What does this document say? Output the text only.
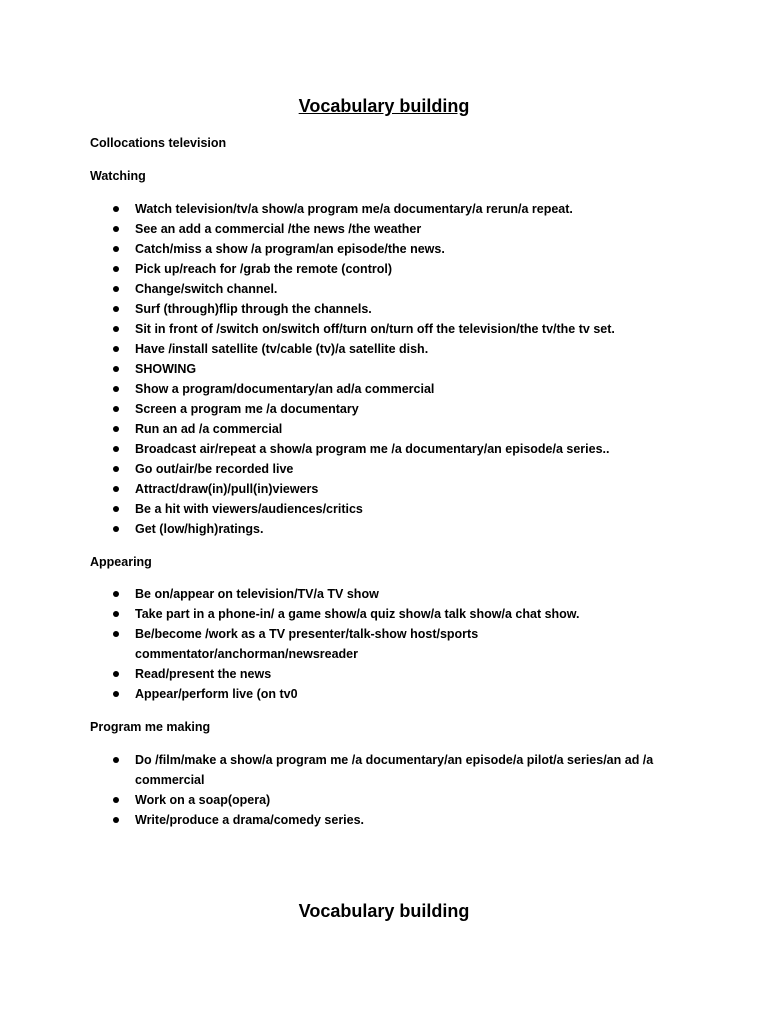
Vocabulary building

Collocations television

Watching

Watch television/tv/a show/a program me/a documentary/a rerun/a repeat.
See an add a commercial /the news /the weather
Catch/miss a show /a program/an episode/the news.
Pick up/reach for /grab the remote (control)
Change/switch channel.
Surf (through)flip through the channels.
Sit in front of /switch on/switch off/turn on/turn off the television/the tv/the tv set.
Have /install satellite (tv/cable (tv)/a satellite dish.
SHOWING
Show a program/documentary/an ad/a commercial
Screen a program me /a documentary
Run an ad /a commercial
Broadcast air/repeat a show/a program me /a documentary/an episode/a series..
Go out/air/be recorded live
Attract/draw(in)/pull(in)viewers
Be a hit with viewers/audiences/critics
Get (low/high)ratings.

Appearing

Be on/appear on television/TV/a TV show
Take part in a phone-in/ a game show/a quiz show/a talk show/a chat show.
Be/become /work as a TV presenter/talk-show host/sports commentator/anchorman/newsreader
Read/present the news
Appear/perform live (on tv0

Program me making

Do /film/make a show/a program me /a documentary/an episode/a pilot/a series/an ad /a commercial
Work on a soap(opera)
Write/produce a drama/comedy series.
Vocabulary building
